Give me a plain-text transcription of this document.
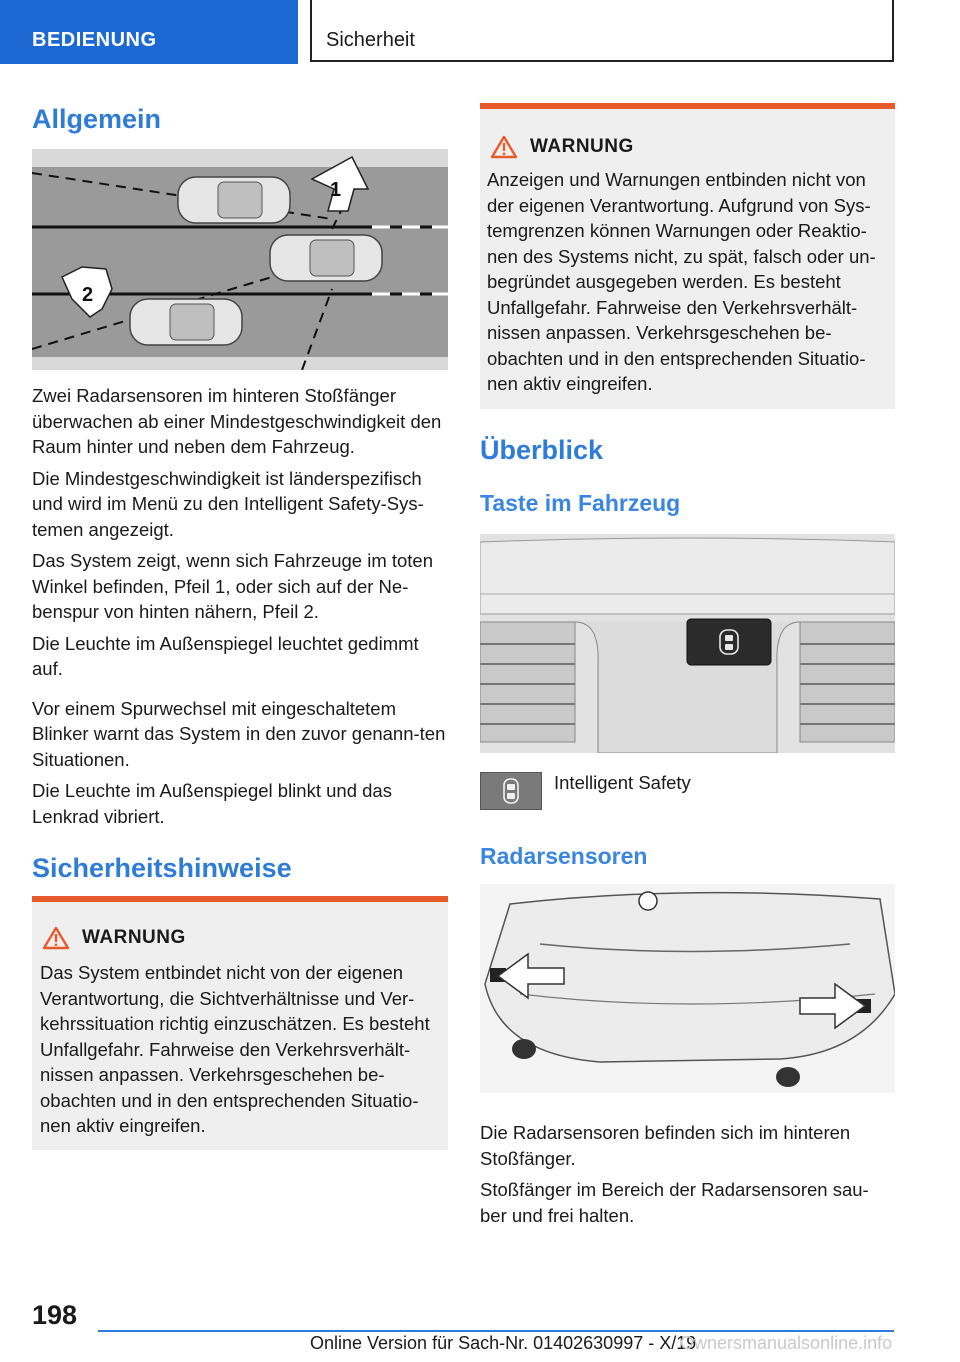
BEDIENUNG	Sicherheit
Allgemein
1
2
Zwei Radarsensoren im hinteren Stoßfänger überwachen ab einer Mindestgeschwindigkeit den Raum hinter und neben dem Fahrzeug.
Die Mindestgeschwindigkeit ist länderspezifisch und wird im Menü zu den Intelligent Safety-Sys‐temen angezeigt.
Das System zeigt, wenn sich Fahrzeuge im toten Winkel befinden, Pfeil 1, oder sich auf der Ne‐benspur von hinten nähern, Pfeil 2.
Die Leuchte im Außenspiegel leuchtet gedimmt auf.
Vor einem Spurwechsel mit eingeschaltetem Blinker warnt das System in den zuvor genann‐ten Situationen.
Die Leuchte im Außenspiegel blinkt und das Lenkrad vibriert.
Sicherheitshinweise
WARNUNG
Das System entbindet nicht von der eigenen Verantwortung, die Sichtverhältnisse und Ver‐kehrssituation richtig einzuschätzen. Es besteht Unfallgefahr. Fahrweise den Verkehrsverhält‐nissen anpassen. Verkehrsgeschehen be‐obachten und in den entsprechenden Situatio‐nen aktiv eingreifen.
WARNUNG
Anzeigen und Warnungen entbinden nicht von der eigenen Verantwortung. Aufgrund von Sys‐temgrenzen können Warnungen oder Reaktio‐nen des Systems nicht, zu spät, falsch oder un‐begründet ausgegeben werden. Es besteht Unfallgefahr. Fahrweise den Verkehrsverhält‐nissen anpassen. Verkehrsgeschehen be‐obachten und in den entsprechenden Situatio‐nen aktiv eingreifen.
Überblick
Taste im Fahrzeug
Intelligent Safety
Radarsensoren
Die Radarsensoren befinden sich im hinteren Stoßfänger.
Stoßfänger im Bereich der Radarsensoren sau‐ber und frei halten.
198
Online Version für Sach-Nr. 01402630997 - X/19
Ownersmanualsonline.info
